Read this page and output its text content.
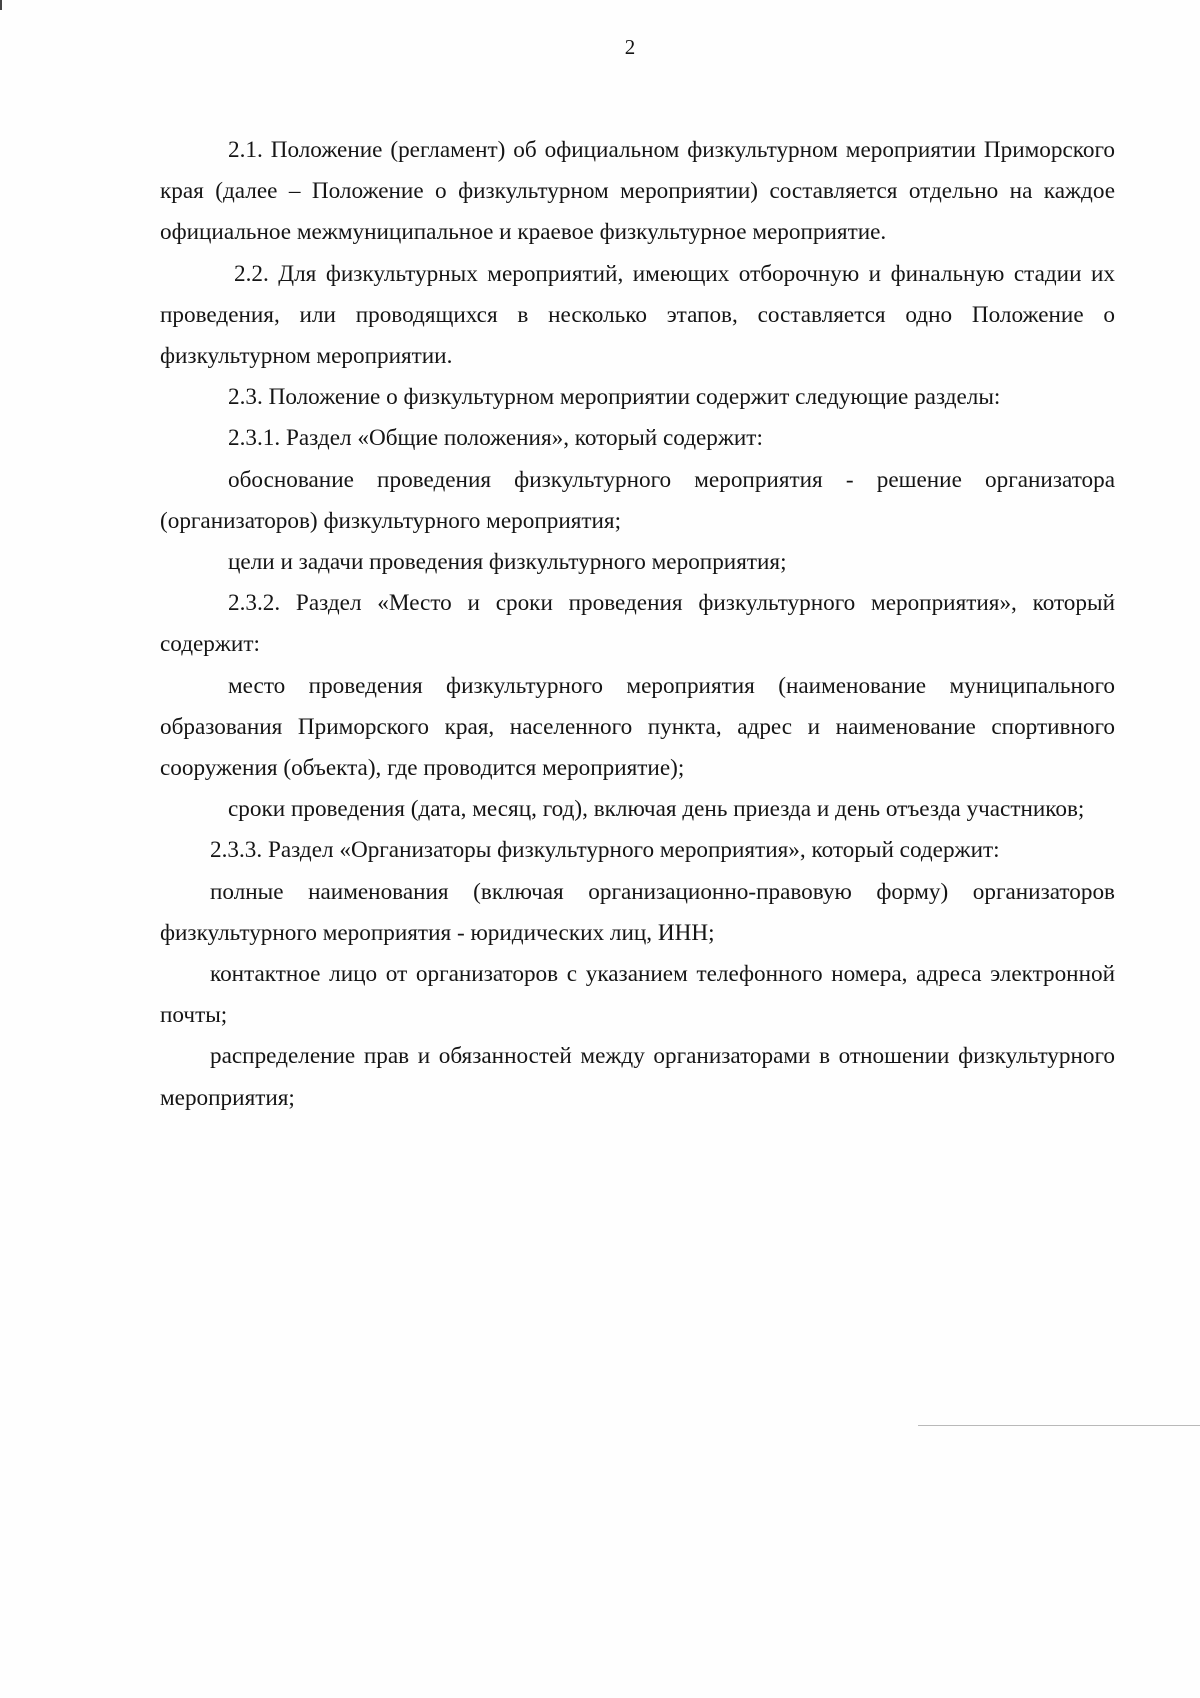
2

2.1. Положение (регламент) об официальном физкультурном мероприятии Приморского края (далее – Положение о физкультурном мероприятии) составляется отдельно на каждое официальное межмуниципальное и краевое физкультурное мероприятие.

2.2. Для физкультурных мероприятий, имеющих отборочную и финальную стадии их проведения, или проводящихся в несколько этапов, составляется одно Положение о физкультурном мероприятии.

2.3. Положение о физкультурном мероприятии содержит следующие разделы:

2.3.1. Раздел «Общие положения», который содержит:

обоснование проведения физкультурного мероприятия - решение организатора (организаторов) физкультурного мероприятия;

цели и задачи проведения физкультурного мероприятия;

2.3.2. Раздел «Место и сроки проведения физкультурного мероприятия», который содержит:

место проведения физкультурного мероприятия (наименование муниципального образования Приморского края, населенного пункта, адрес и наименование спортивного сооружения (объекта), где проводится мероприятие);

сроки проведения (дата, месяц, год), включая день приезда и день отъезда участников;

2.3.3. Раздел «Организаторы физкультурного мероприятия», который содержит:

полные наименования (включая организационно-правовую форму) организаторов физкультурного мероприятия - юридических лиц, ИНН;

контактное лицо от организаторов с указанием телефонного номера, адреса электронной почты;

распределение прав и обязанностей между организаторами в отношении физкультурного мероприятия;
